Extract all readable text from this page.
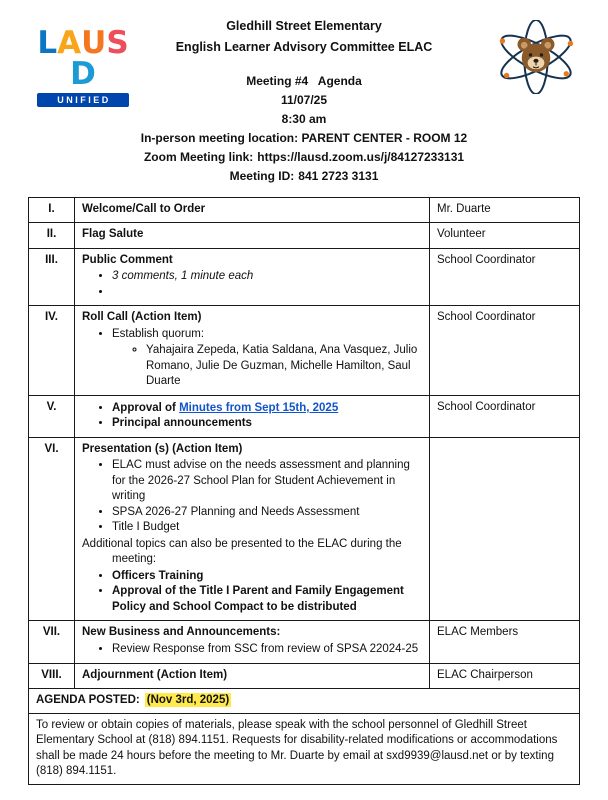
LAUSD
UNIFIED
Gledhill Street Elementary
English Learner Advisory Committee ELAC
Meeting #4   Agenda
11/07/25
8:30 am
In-person meeting location: PARENT CENTER - ROOM 12
Zoom Meeting link: https://lausd.zoom.us/j/84127233131
Meeting ID: 841 2723 3131
I.	Welcome/Call to Order	Mr. Duarte
II.	Flag Salute	Volunteer
III.	Public Comment
• 3 comments, 1 minute each
•
	School Coordinator
IV.	Roll Call (Action Item)
• Establish quorum:
◦ Yahajaira Zepeda, Katia Saldana, Ana Vasquez, Julio Romano, Julie De Guzman, Michelle Hamilton, Saul Duarte
	School Coordinator
V.	
•Approval of Minutes from Sept 15th, 2025
• Principal announcements
	School Coordinator
VI.	Presentation (s) (Action Item)
• ELAC must advise on the needs assessment and planning for the 2026-27 School Plan for Student Achievement in writing
• SPSA 2026-27 Planning and Needs Assessment
• Title I Budget
Additional topics can also be presented to the ELAC during the meeting:
• Officers Training
• Approval of the Title I Parent and Family Engagement Policy and School Compact to be distributed

VII.	New Business and Announcements:
• Review Response from SSC from review of SPSA 22024-25
	ELAC Members
VIII.	Adjournment (Action Item)	ELAC Chairperson
AGENDA POSTED: (Nov 3rd, 2025)		
To review or obtain copies of materials, please speak with the school personnel of Gledhill Street Elementary School at (818) 894.1151. Requests for disability-related modifications or accommodations shall be made 24 hours before the meeting to Mr. Duarte by email at sxd9939@lausd.net or by texting (818) 894.1151.		
